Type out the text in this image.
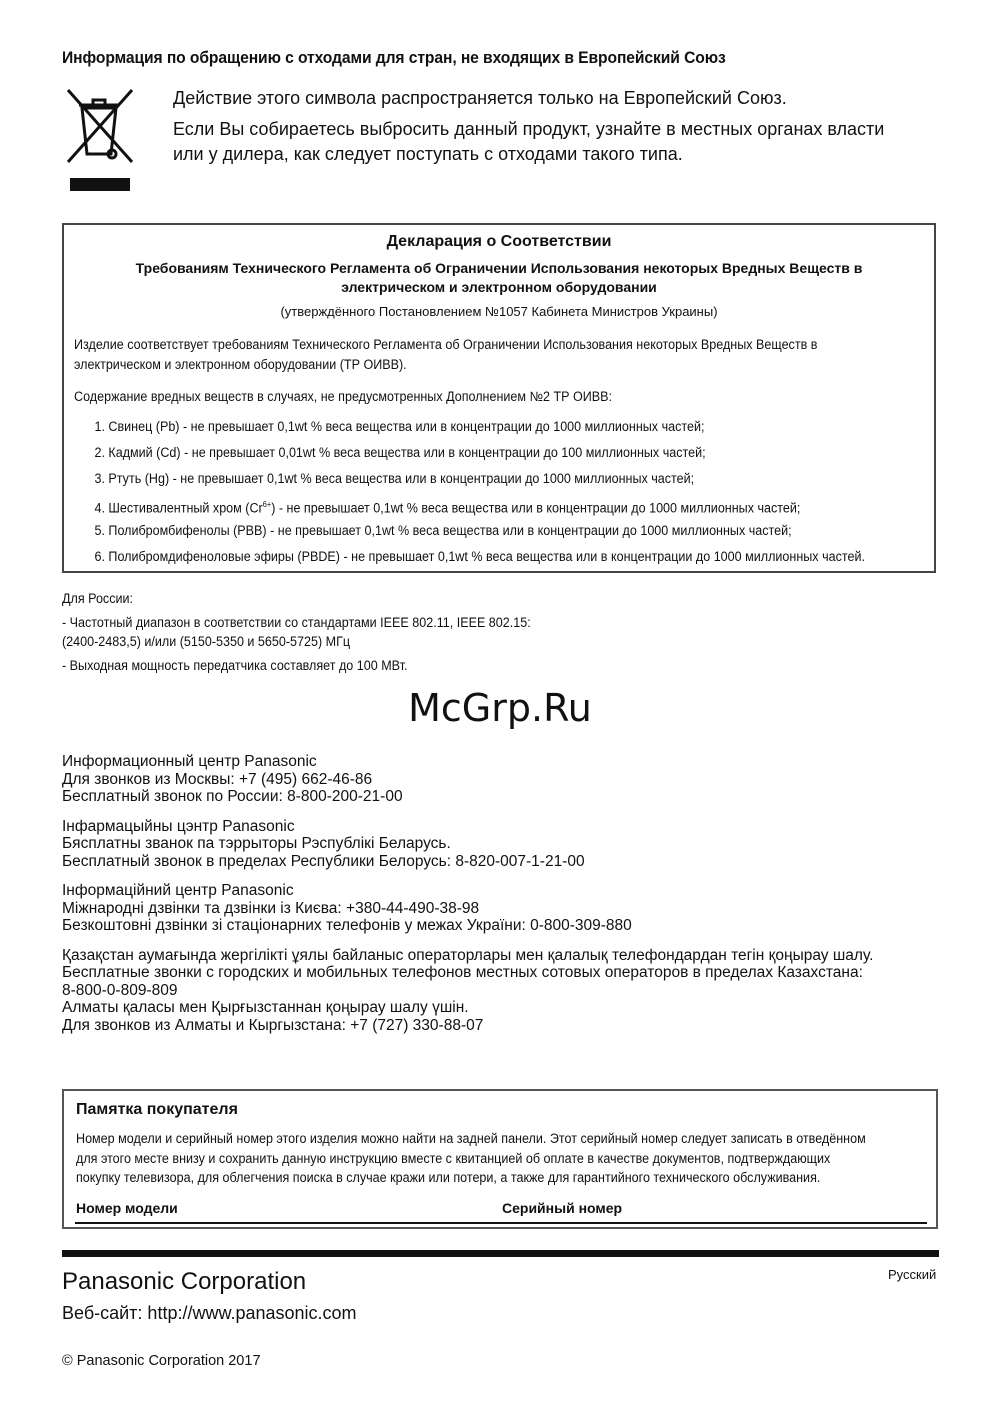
Информация по обращению с отходами для стран, не входящих в Европейский Союз

Действие этого символа распространяется только на Европейский Союз.

Если Вы собираетесь выбросить данный продукт, узнайте в местных органах власти
или у дилера, как следует поступать с отходами такого типа.

Декларация о Соответствии
Требованиям Технического Регламента об Ограничении Использования некоторых Вредных Веществ в
электрическом и электронном оборудовании
(утверждённого Постановлением №1057 Кабинета Министров Украины)
Изделие соответствует требованиям Технического Регламента об Ограничении Использования некоторых Вредных Веществ в
электрическом и электронном оборудовании (ТР ОИВВ).
Содержание вредных веществ в случаях, не предусмотренных Дополнением №2 ТР ОИВВ:
1. Свинец (Pb) - не превышает 0,1wt % веса вещества или в концентрации до 1000 миллионных частей;
2. Кадмий (Cd) - не превышает 0,01wt % веса вещества или в концентрации до 100 миллионных частей;
3. Ртуть (Hg) - не превышает 0,1wt % веса вещества или в концентрации до 1000 миллионных частей;
4. Шестивалентный хром $(Cr^{6+})$ - не превышает 0,1wt % веса вещества или в концентрации до 1000 миллионных частей;
5. Полибромбифенолы (PBB) - не превышает 0,1wt % веса вещества или в концентрации до 1000 миллионных частей;
6. Полибромдифеноловые эфиры (PBDE) - не превышает 0,1wt % веса вещества или в концентрации до 1000 миллионных частей.
Для России:
- Частотный диапазон в соответствии со стандартами IEEE 802.11, IEEE 802.15:
(2400-2483,5) и/или (5150-5350 и 5650-5725) МГц
- Выходная мощность передатчика составляет до 100 МВт.
McGrp.Ru
Информационный центр Panasonic
Для звонков из Москвы: +7 (495) 662-46-86
Бесплатный звонок по России: 8-800-200-21-00
Інфармацыйны цэнтр Panasonic
Бясплатны званок па тэррыторы Рэспублікі Беларусь.
Бесплатный звонок в пределах Республики Белорусь: 8-820-007-1-21-00
Інформаційний центр Panasonic
Міжнародні дзвінки та дзвінки із Києва: +380-44-490-38-98
Безкоштовні дзвінки зі стаціонарних телефонів у межах України: 0-800-309-880
Қазақстан аумағында жергілікті ұялы байланыс операторлары мен қалалық телефондардан тегін қоңырау шалу.
Бесплатные звонки с городских и мобильных телефонов местных сотовых операторов в пределах Казахстана:
8-800-0-809-809
Алматы қаласы мен Қырғызстаннан қоңырау шалу үшін.
Для звонков из Алматы и Кыргызстана: +7 (727) 330-88-07
Памятка покупателя
Номер модели и серийный номер этого изделия можно найти на задней панели. Этот серийный номер следует записать в отведённом
для этого месте внизу и сохранить данную инструкцию вместе с квитанцией об оплате в качестве документов, подтверждающих
покупку телевизора, для облегчения поиска в случае кражи или потери, а также для гарантийного технического обслуживания.
Номер модели	Серийный номер
Panasonic Corporation	Русский
Веб-сайт: http://www.panasonic.com
© Panasonic Corporation 2017
